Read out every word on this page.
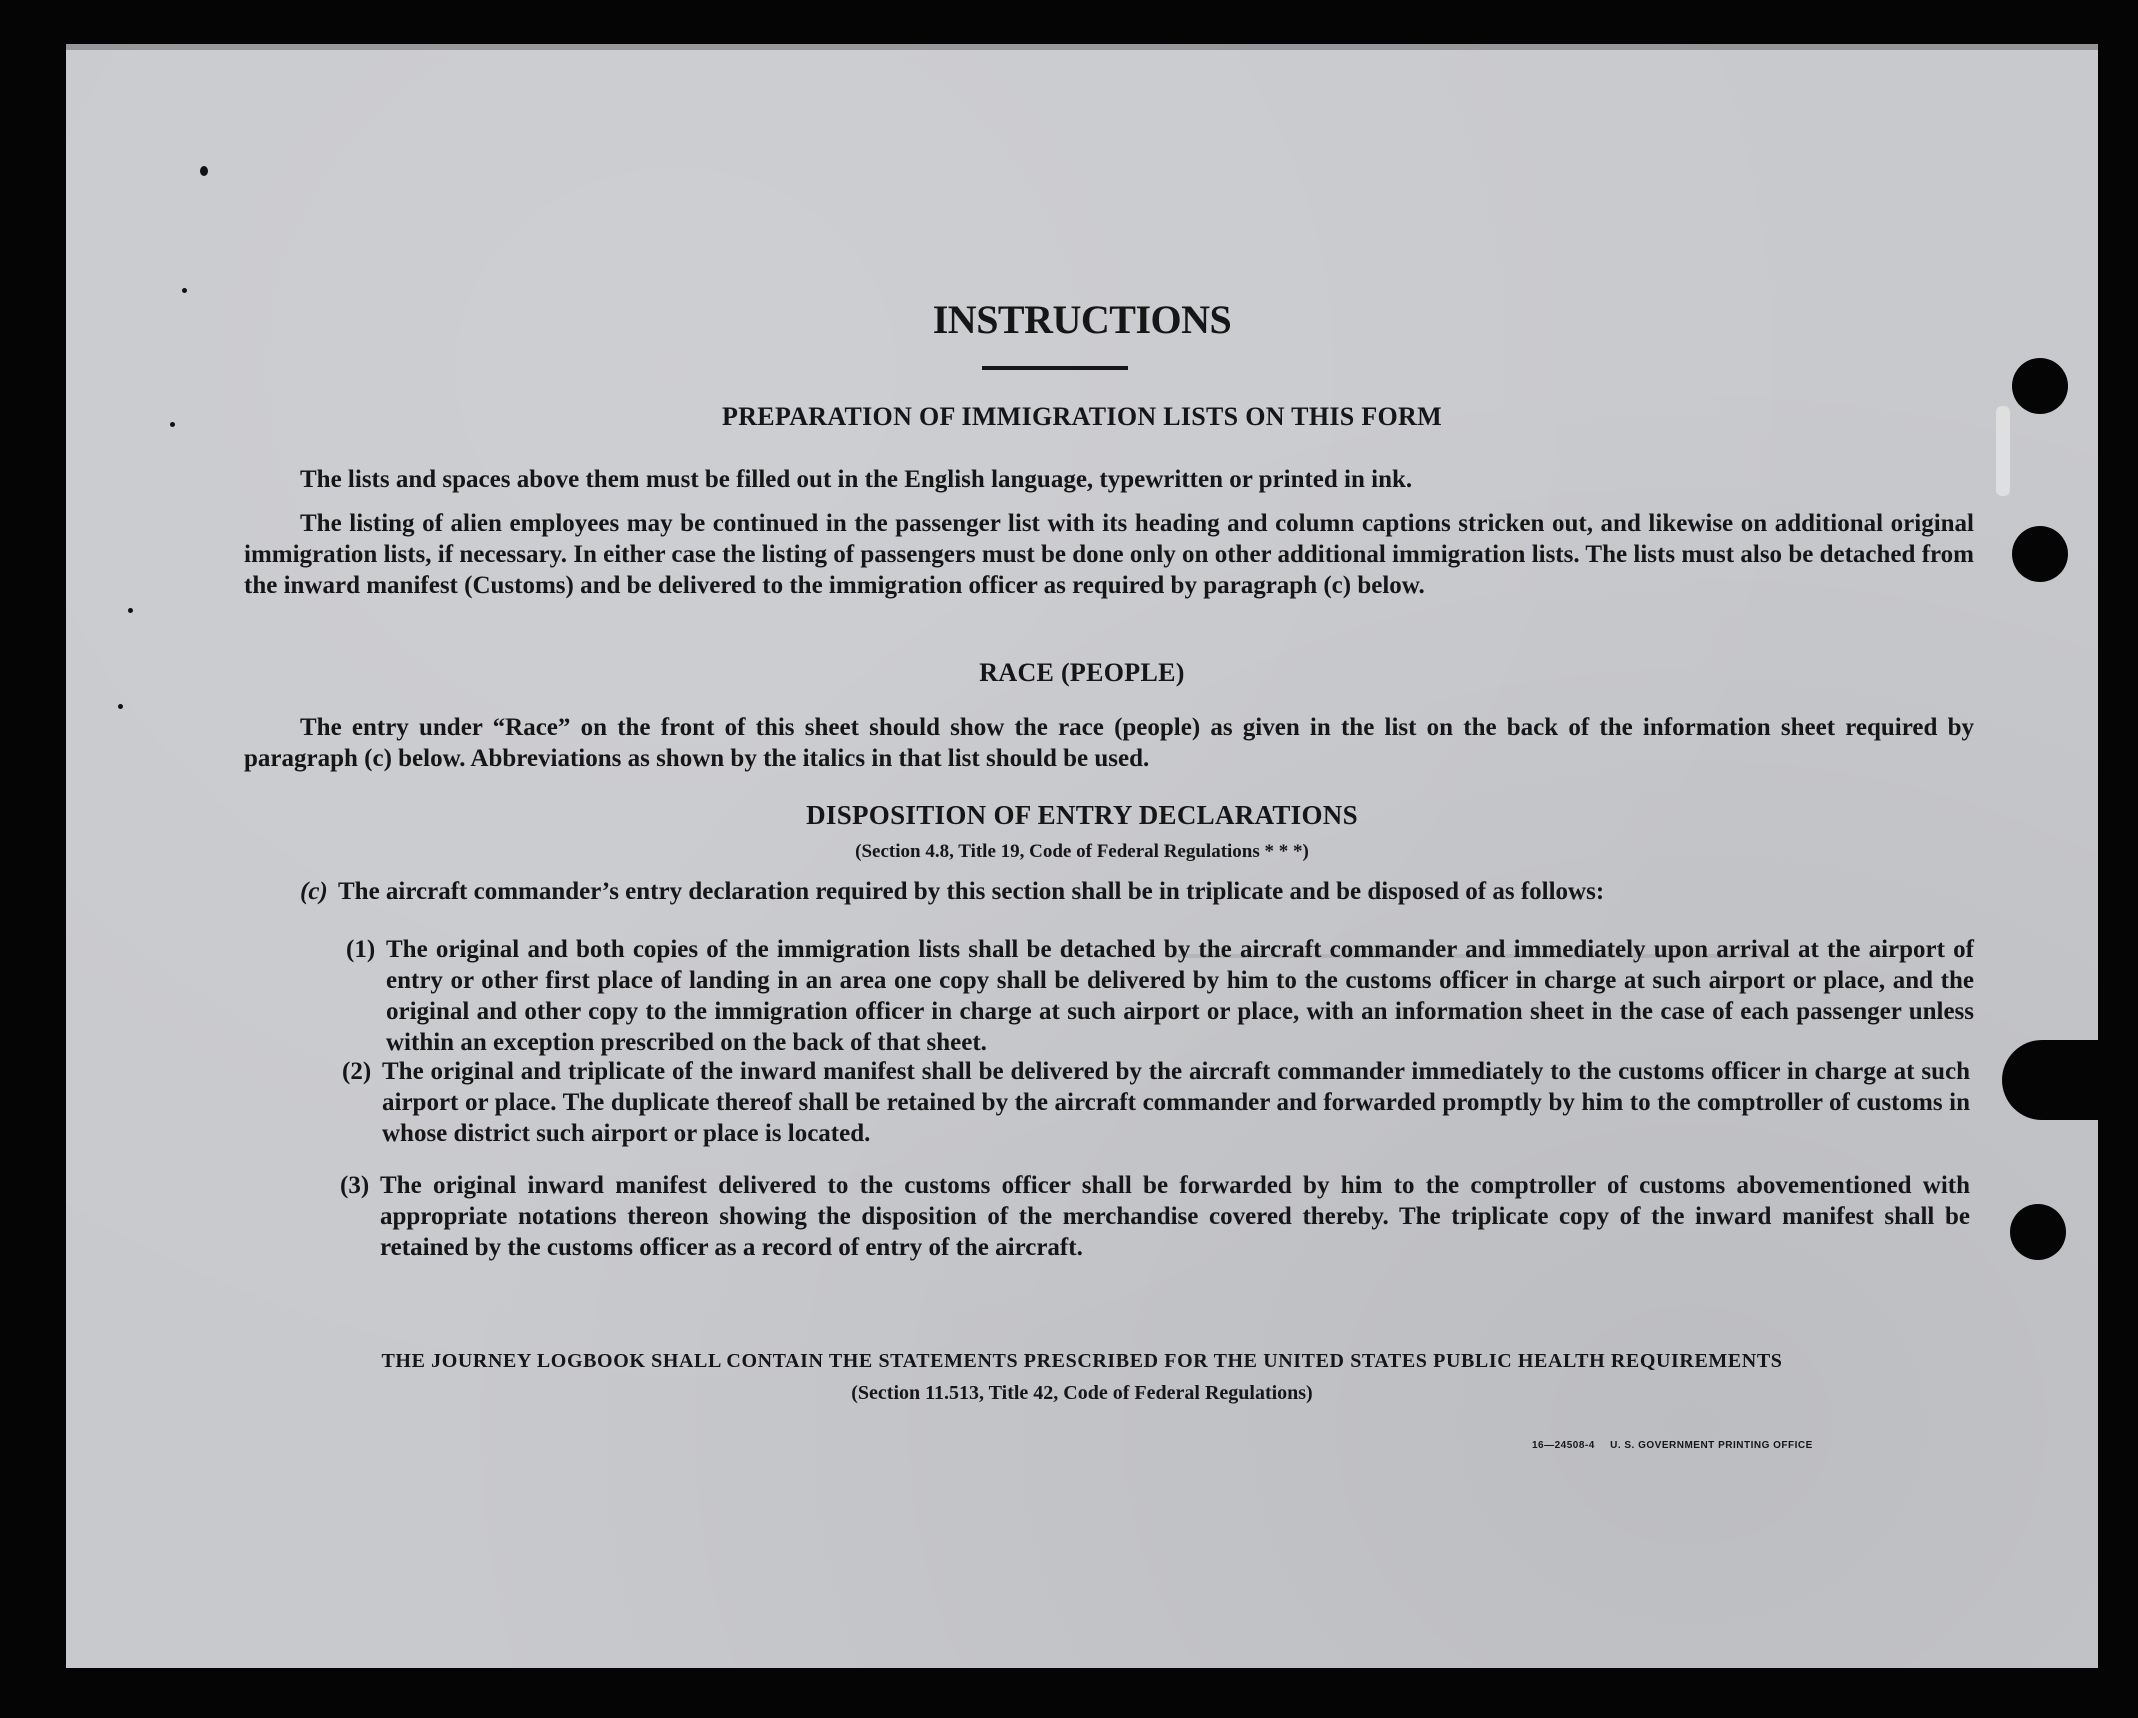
INSTRUCTIONS
PREPARATION OF IMMIGRATION LISTS ON THIS FORM
The lists and spaces above them must be filled out in the English language, typewritten or printed in ink.
The listing of alien employees may be continued in the passenger list with its heading and column captions stricken out, and likewise on additional original immigration lists, if necessary. In either case the listing of passengers must be done only on other additional immigration lists. The lists must also be detached from the inward manifest (Customs) and be delivered to the immigration officer as required by paragraph (c) below.
RACE (PEOPLE)
The entry under “Race” on the front of this sheet should show the race (people) as given in the list on the back of the information sheet required by paragraph (c) below. Abbreviations as shown by the italics in that list should be used.
DISPOSITION OF ENTRY DECLARATIONS
(Section 4.8, Title 19, Code of Federal Regulations * * *)
(c) The aircraft commander’s entry declaration required by this section shall be in triplicate and be disposed of as follows:
(1) The original and both copies of the immigration lists shall be detached by the aircraft commander and immediately upon arrival at the airport of entry or other first place of landing in an area one copy shall be delivered by him to the customs officer in charge at such airport or place, and the original and other copy to the immigration officer in charge at such airport or place, with an information sheet in the case of each passenger unless within an exception prescribed on the back of that sheet.
(2) The original and triplicate of the inward manifest shall be delivered by the aircraft commander immediately to the customs officer in charge at such airport or place. The duplicate thereof shall be retained by the aircraft commander and forwarded promptly by him to the comptroller of customs in whose district such airport or place is located.
(3) The original inward manifest delivered to the customs officer shall be forwarded by him to the comptroller of customs abovementioned with appropriate notations thereon showing the disposition of the merchandise covered thereby. The triplicate copy of the inward manifest shall be retained by the customs officer as a record of entry of the aircraft.
THE JOURNEY LOGBOOK SHALL CONTAIN THE STATEMENTS PRESCRIBED FOR THE UNITED STATES PUBLIC HEALTH REQUIREMENTS
(Section 11.513, Title 42, Code of Federal Regulations)
16—24508-4 U. S. GOVERNMENT PRINTING OFFICE
